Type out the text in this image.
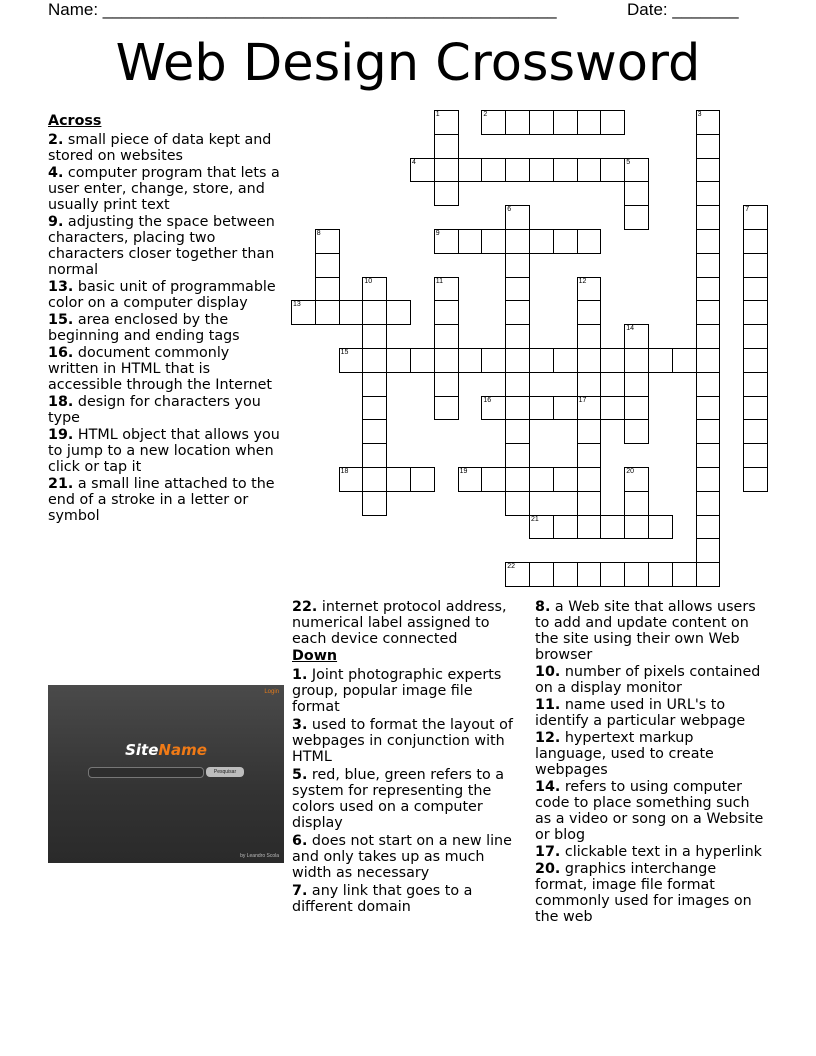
Name: ________________________________________________	Date: _______
Web Design Crossword
1	2	3
4	5
6	7
8	9
10	11	12
17
13
14
15
16
18	19	20
21
22
Across
2. small piece of data kept and stored on websites
4. computer program that lets a user enter, change, store, and usually print text
9. adjusting the space between characters, placing two characters closer together than normal
13. basic unit of programmable color on a computer display
15. area enclosed by the beginning and ending tags
16. document commonly written in HTML that is accessible through the Internet
18. design for characters you type
19. HTML object that allows you to jump to a new location when click or tap it
21. a small line attached to the end of a stroke in a letter or symbol
22. internet protocol address, numerical label assigned to each device connected
Down
1. Joint photographic experts group, popular image file format
3. used to format the layout of webpages in conjunction with HTML
5. red, blue, green refers to a system for representing the colors used on a computer display
6. does not start on a new line and only takes up as much width as necessary
7. any link that goes to a different domain
8. a Web site that allows users to add and update content on the site using their own Web browser
10. number of pixels contained on a display monitor
11. name used in URL's to identify a particular webpage
12. hypertext markup language, used to create webpages
14. refers to using computer code to place something such as a video or song on a Website or blog
17. clickable text in a hyperlink
20. graphics interchange format, image file format commonly used for images on the web
Login
SiteName
Pesquisar
by Leandro Scola
